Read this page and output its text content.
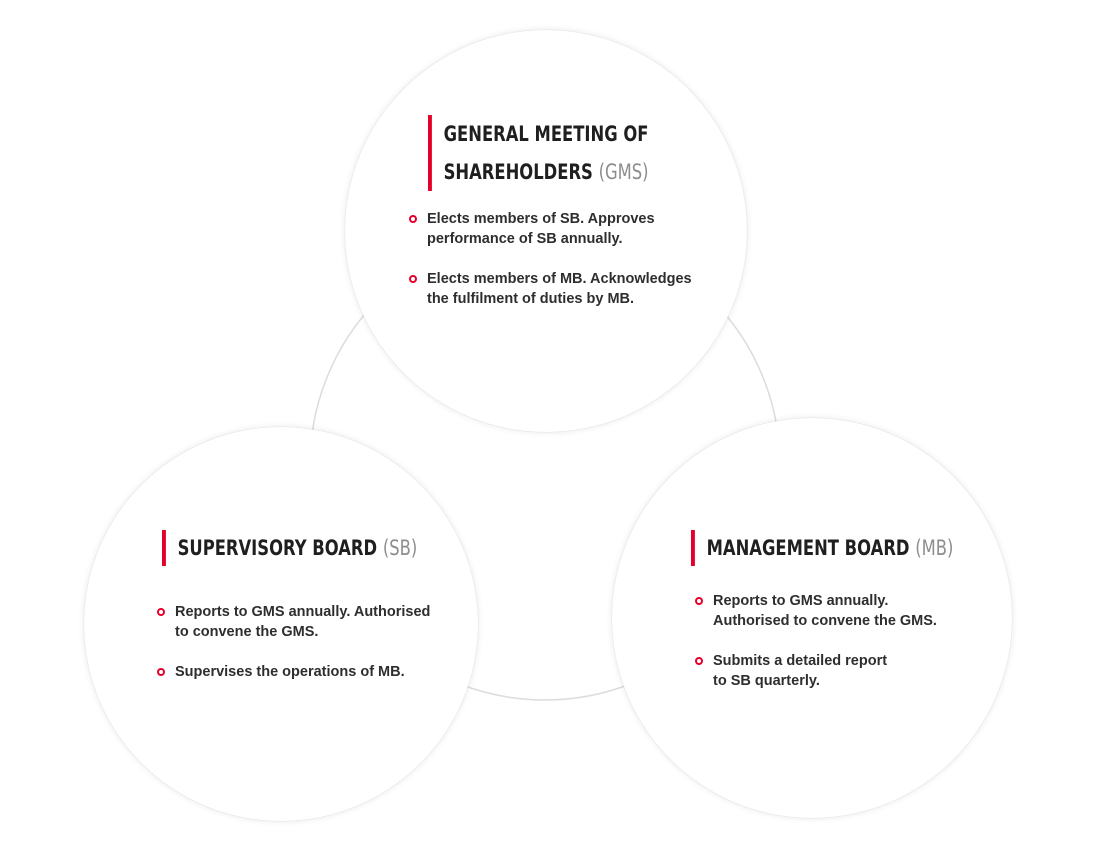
GENERAL MEETING OF
SHAREHOLDERS (GMS)
Elects members of SB. Approves
performance of SB annually.
Elects members of MB. Acknowledges
the fulfilment of duties by MB.
SUPERVISORY BOARD (SB)
Reports to GMS annually. Authorised
to convene the GMS.
Supervises the operations of MB.
MANAGEMENT BOARD (MB)
Reports to GMS annually.
Authorised to convene the GMS.
Submits a detailed report
to SB quarterly.
